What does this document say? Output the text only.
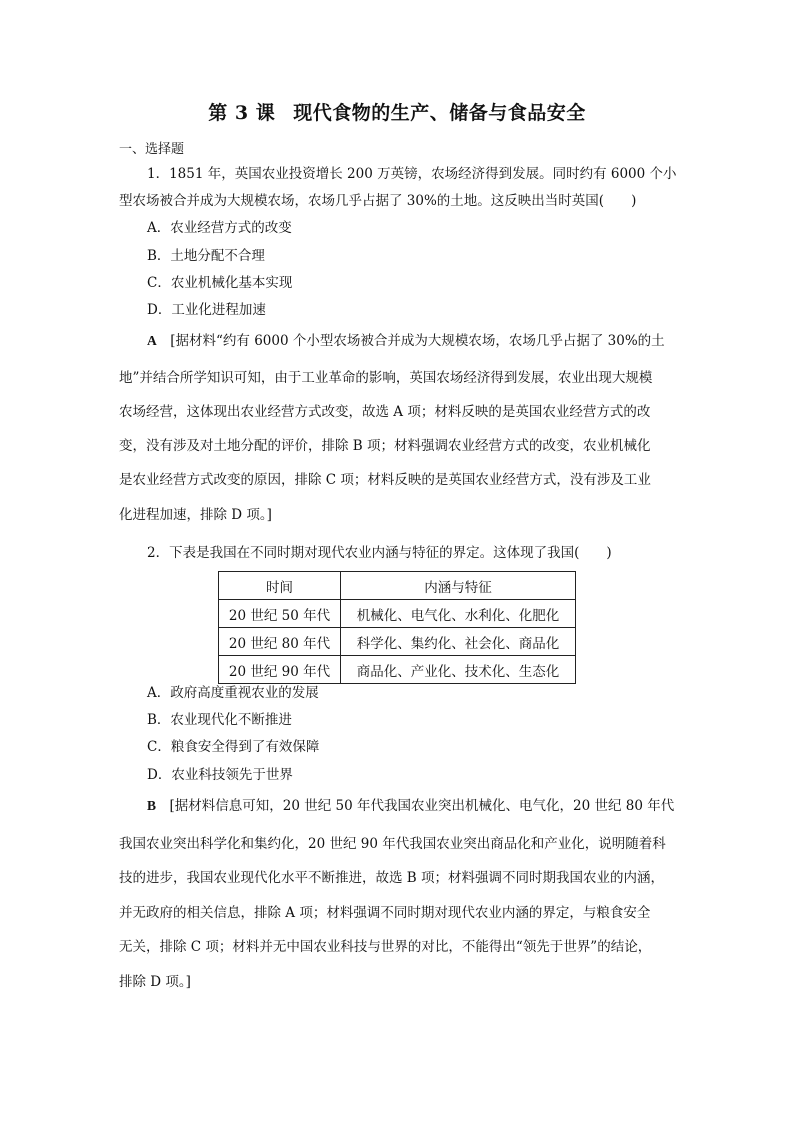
第 3 课 现代食物的生产、储备与食品安全
一、选择题
1．1851 年，英国农业投资增长 200 万英镑，农场经济得到发展。同时约有 6000 个小
型农场被合并成为大规模农场，农场几乎占据了 30%的土地。这反映出当时英国(　　)
A．农业经营方式的改变
B．土地分配不合理
C．农业机械化基本实现
D．工业化进程加速
A　 [据材料“约有 6000 个小型农场被合并成为大规模农场，农场几乎占据了 30%的土
地”并结合所学知识可知，由于工业革命的影响，英国农场经济得到发展，农业出现大规模
农场经营，这体现出农业经营方式改变，故选 A 项；材料反映的是英国农业经营方式的改
变，没有涉及对土地分配的评价，排除 B 项；材料强调农业经营方式的改变，农业机械化
是农业经营方式改变的原因，排除 C 项；材料反映的是英国农业经营方式，没有涉及工业
化进程加速，排除 D 项。]
2．下表是我国在不同时期对现代农业内涵与特征的界定。这体现了我国(　　)
时间	内涵与特征
20 世纪 50 年代	机械化、电气化、水利化、化肥化
20 世纪 80 年代	科学化、集约化、社会化、商品化
20 世纪 90 年代	商品化、产业化、技术化、生态化
A．政府高度重视农业的发展
B．农业现代化不断推进
C．粮食安全得到了有效保障
D．农业科技领先于世界
B　 [据材料信息可知，20 世纪 50 年代我国农业突出机械化、电气化，20 世纪 80 年代
我国农业突出科学化和集约化，20 世纪 90 年代我国农业突出商品化和产业化，说明随着科
技的进步，我国农业现代化水平不断推进，故选 B 项；材料强调不同时期我国农业的内涵，
并无政府的相关信息，排除 A 项；材料强调不同时期对现代农业内涵的界定，与粮食安全
无关，排除 C 项；材料并无中国农业科技与世界的对比，不能得出“领先于世界”的结论，
排除 D 项。]
